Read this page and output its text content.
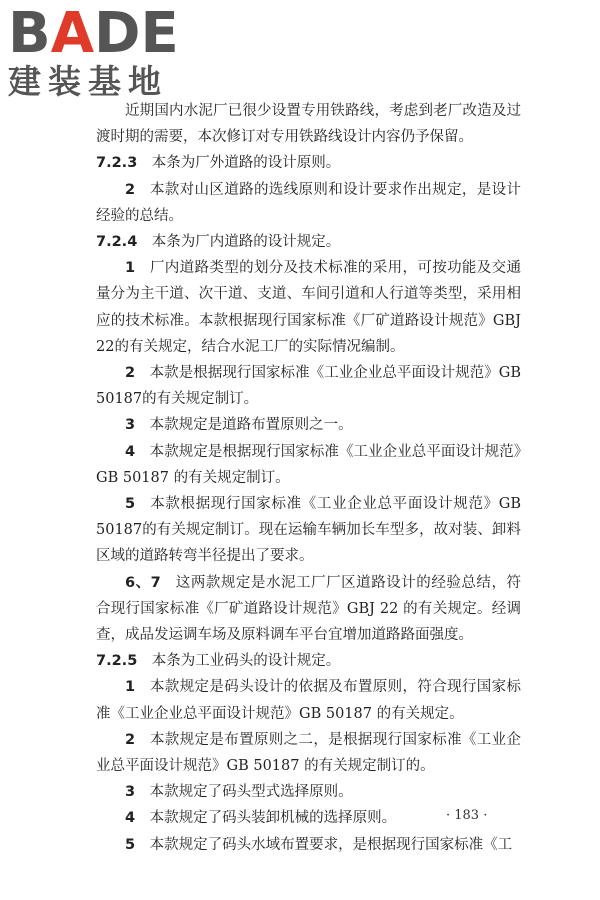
BADE
建装基地

近期国内水泥厂已很少设置专用铁路线，考虑到老厂改造及过渡时期的需要，本次修订对专用铁路线设计内容仍予保留。

7.2.3  本条为厂外道路的设计原则。

2  本款对山区道路的选线原则和设计要求作出规定，是设计经验的总结。

7.2.4  本条为厂内道路的设计规定。

1  厂内道路类型的划分及技术标准的采用，可按功能及交通量分为主干道、次干道、支道、车间引道和人行道等类型，采用相应的技术标准。本款根据现行国家标准《厂矿道路设计规范》GBJ 22的有关规定，结合水泥工厂的实际情况编制。

2  本款是根据现行国家标准《工业企业总平面设计规范》GB 50187的有关规定制订。

3  本款规定是道路布置原则之一。

4  本款规定是根据现行国家标准《工业企业总平面设计规范》GB 50187 的有关规定制订。

5  本款根据现行国家标准《工业企业总平面设计规范》GB 50187的有关规定制订。现在运输车辆加长车型多，故对装、卸料区域的道路转弯半径提出了要求。

6、7  这两款规定是水泥工厂厂区道路设计的经验总结，符合现行国家标准《厂矿道路设计规范》GBJ 22 的有关规定。经调查，成品发运调车场及原料调车平台宜增加道路路面强度。

7.2.5  本条为工业码头的设计规定。

1  本款规定是码头设计的依据及布置原则，符合现行国家标准《工业企业总平面设计规范》GB 50187 的有关规定。

2  本款规定是布置原则之二，是根据现行国家标准《工业企业总平面设计规范》GB 50187 的有关规定制订的。

3  本款规定了码头型式选择原则。

4  本款规定了码头装卸机械的选择原则。

5  本款规定了码头水域布置要求，是根据现行国家标准《工

· 183 ·
